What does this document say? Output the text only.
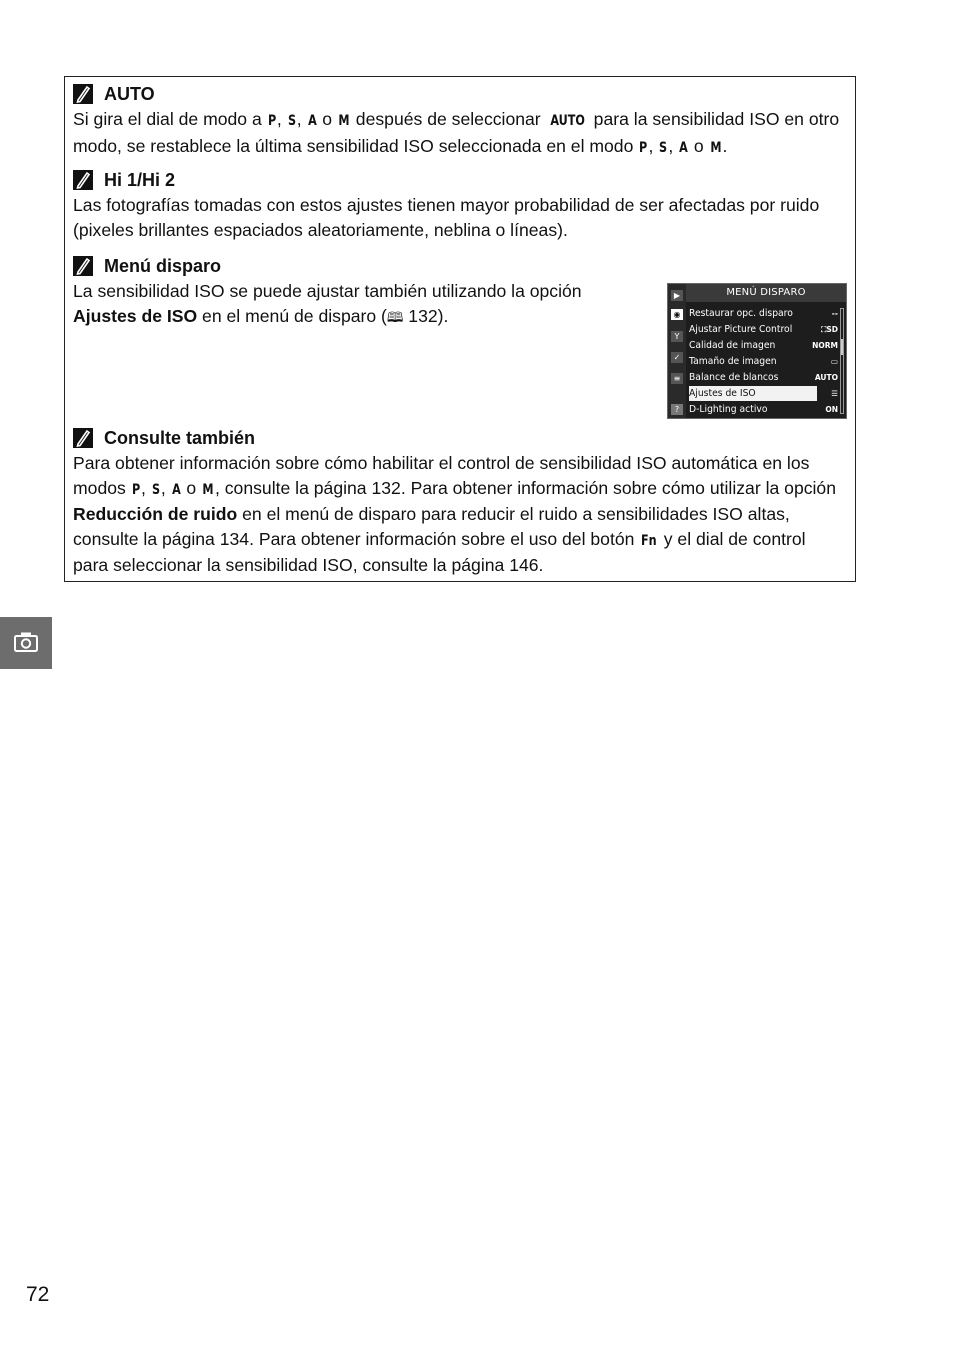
AUTO

Si gira el dial de modo a P, S, A o M después de seleccionar AUTO para la sensibilidad ISO en otro modo, se restablece la última sensibilidad ISO seleccionada en el modo P, S, A o M.

Hi 1/Hi 2

Las fotografías tomadas con estos ajustes tienen mayor probabilidad de ser afectadas por ruido (pixeles brillantes espaciados aleatoriamente, neblina o líneas).

Menú disparo

La sensibilidad ISO se puede ajustar también utilizando la opción Ajustes de ISO en el menú de disparo (🕮 132).

▶
◉
Y
✓
≡
?
MENÚ DISPARO
Restaurar opc. disparo	--
Ajustar Picture Control	⛶SD
Calidad de imagen	NORM
Tamaño de imagen	▭
Balance de blancos	AUTO
Ajustes de ISO	☰
D-Lighting activo	ON
Consulte también

Para obtener información sobre cómo habilitar el control de sensibilidad ISO automática en los modos P, S, A o M, consulte la página 132. Para obtener información sobre cómo utilizar la opción Reducción de ruido en el menú de disparo para reducir el ruido a sensibilidades ISO altas, consulte la página 134. Para obtener información sobre el uso del botón Fn y el dial de control para seleccionar la sensibilidad ISO, consulte la página 146.

72
